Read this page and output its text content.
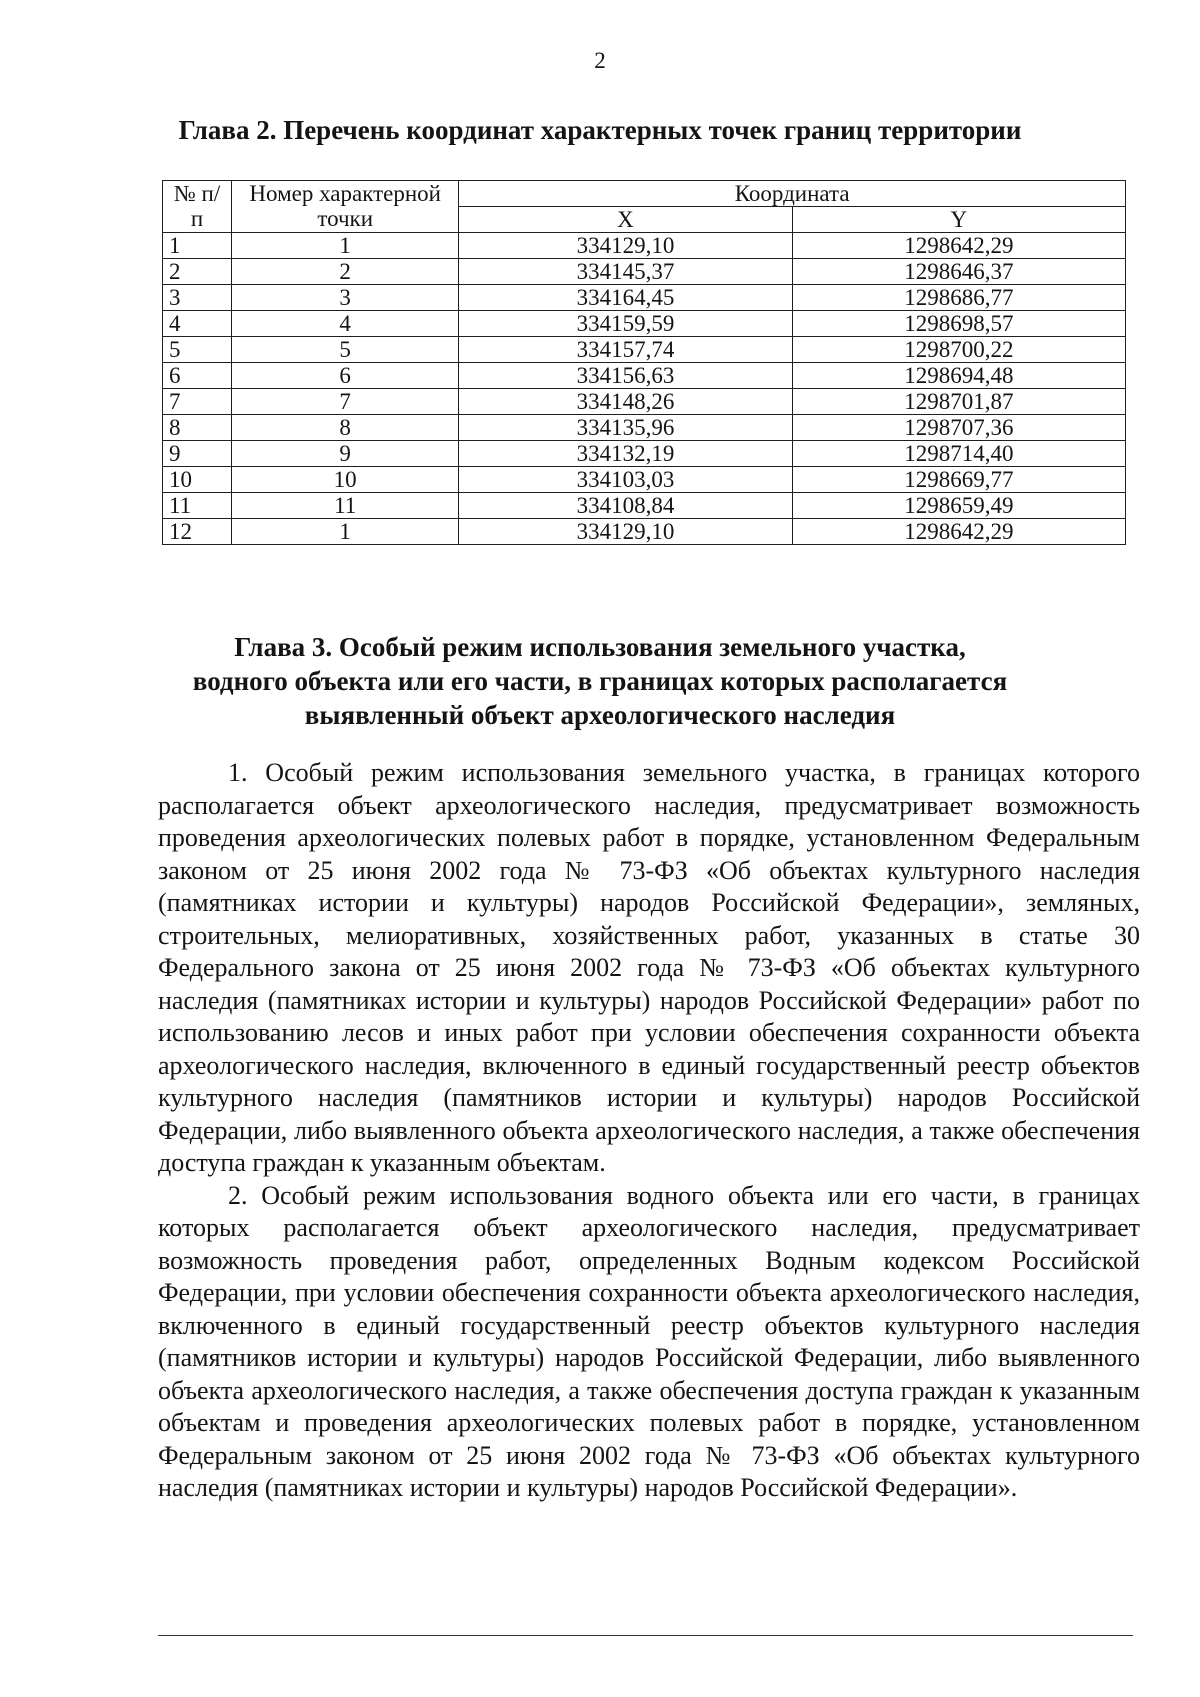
2
Глава 2. Перечень координат характерных точек границ территории
№ п/п	Номер характерной точки	Координата	
		X	Y
1	1	334129,10	1298642,29
2	2	334145,37	1298646,37
3	3	334164,45	1298686,77
4	4	334159,59	1298698,57
5	5	334157,74	1298700,22
6	6	334156,63	1298694,48
7	7	334148,26	1298701,87
8	8	334135,96	1298707,36
9	9	334132,19	1298714,40
10	10	334103,03	1298669,77
11	11	334108,84	1298659,49
12	1	334129,10	1298642,29
Глава 3. Особый режим использования земельного участка,
водного объекта или его части, в границах которых располагается
выявленный объект археологического наследия

1. Особый режим использования земельного участка, в границах которого располагается объект археологического наследия, предусматривает возможность проведения археологических полевых работ в порядке, установленном Федеральным законом от 25 июня 2002 года № 73-ФЗ «Об объектах культурного наследия (памятниках истории и культуры) народов Российской Федерации», земляных, строительных, мелиоративных, хозяйственных работ, указанных в статье 30 Федерального закона от 25 июня 2002 года № 73-ФЗ «Об объектах культурного наследия (памятниках истории и культуры) народов Российской Федерации» работ по использованию лесов и иных работ при условии обеспечения сохранности объекта археологического наследия, включенного в единый государственный реестр объектов культурного наследия (памятников истории и культуры) народов Российской Федерации, либо выявленного объекта археологического наследия, а также обеспечения доступа граждан к указанным объектам.

2. Особый режим использования водного объекта или его части, в границах которых располагается объект археологического наследия, предусматривает возможность проведения работ, определенных Водным кодексом Российской Федерации, при условии обеспечения сохранности объекта археологического наследия, включенного в единый государственный реестр объектов культурного наследия (памятников истории и культуры) народов Российской Федерации, либо выявленного объекта археологического наследия, а также обеспечения доступа граждан к указанным объектам и проведения археологических полевых работ в порядке, установленном Федеральным законом от 25 июня 2002 года № 73-ФЗ «Об объектах культурного наследия (памятниках истории и культуры) народов Российской Федерации».
